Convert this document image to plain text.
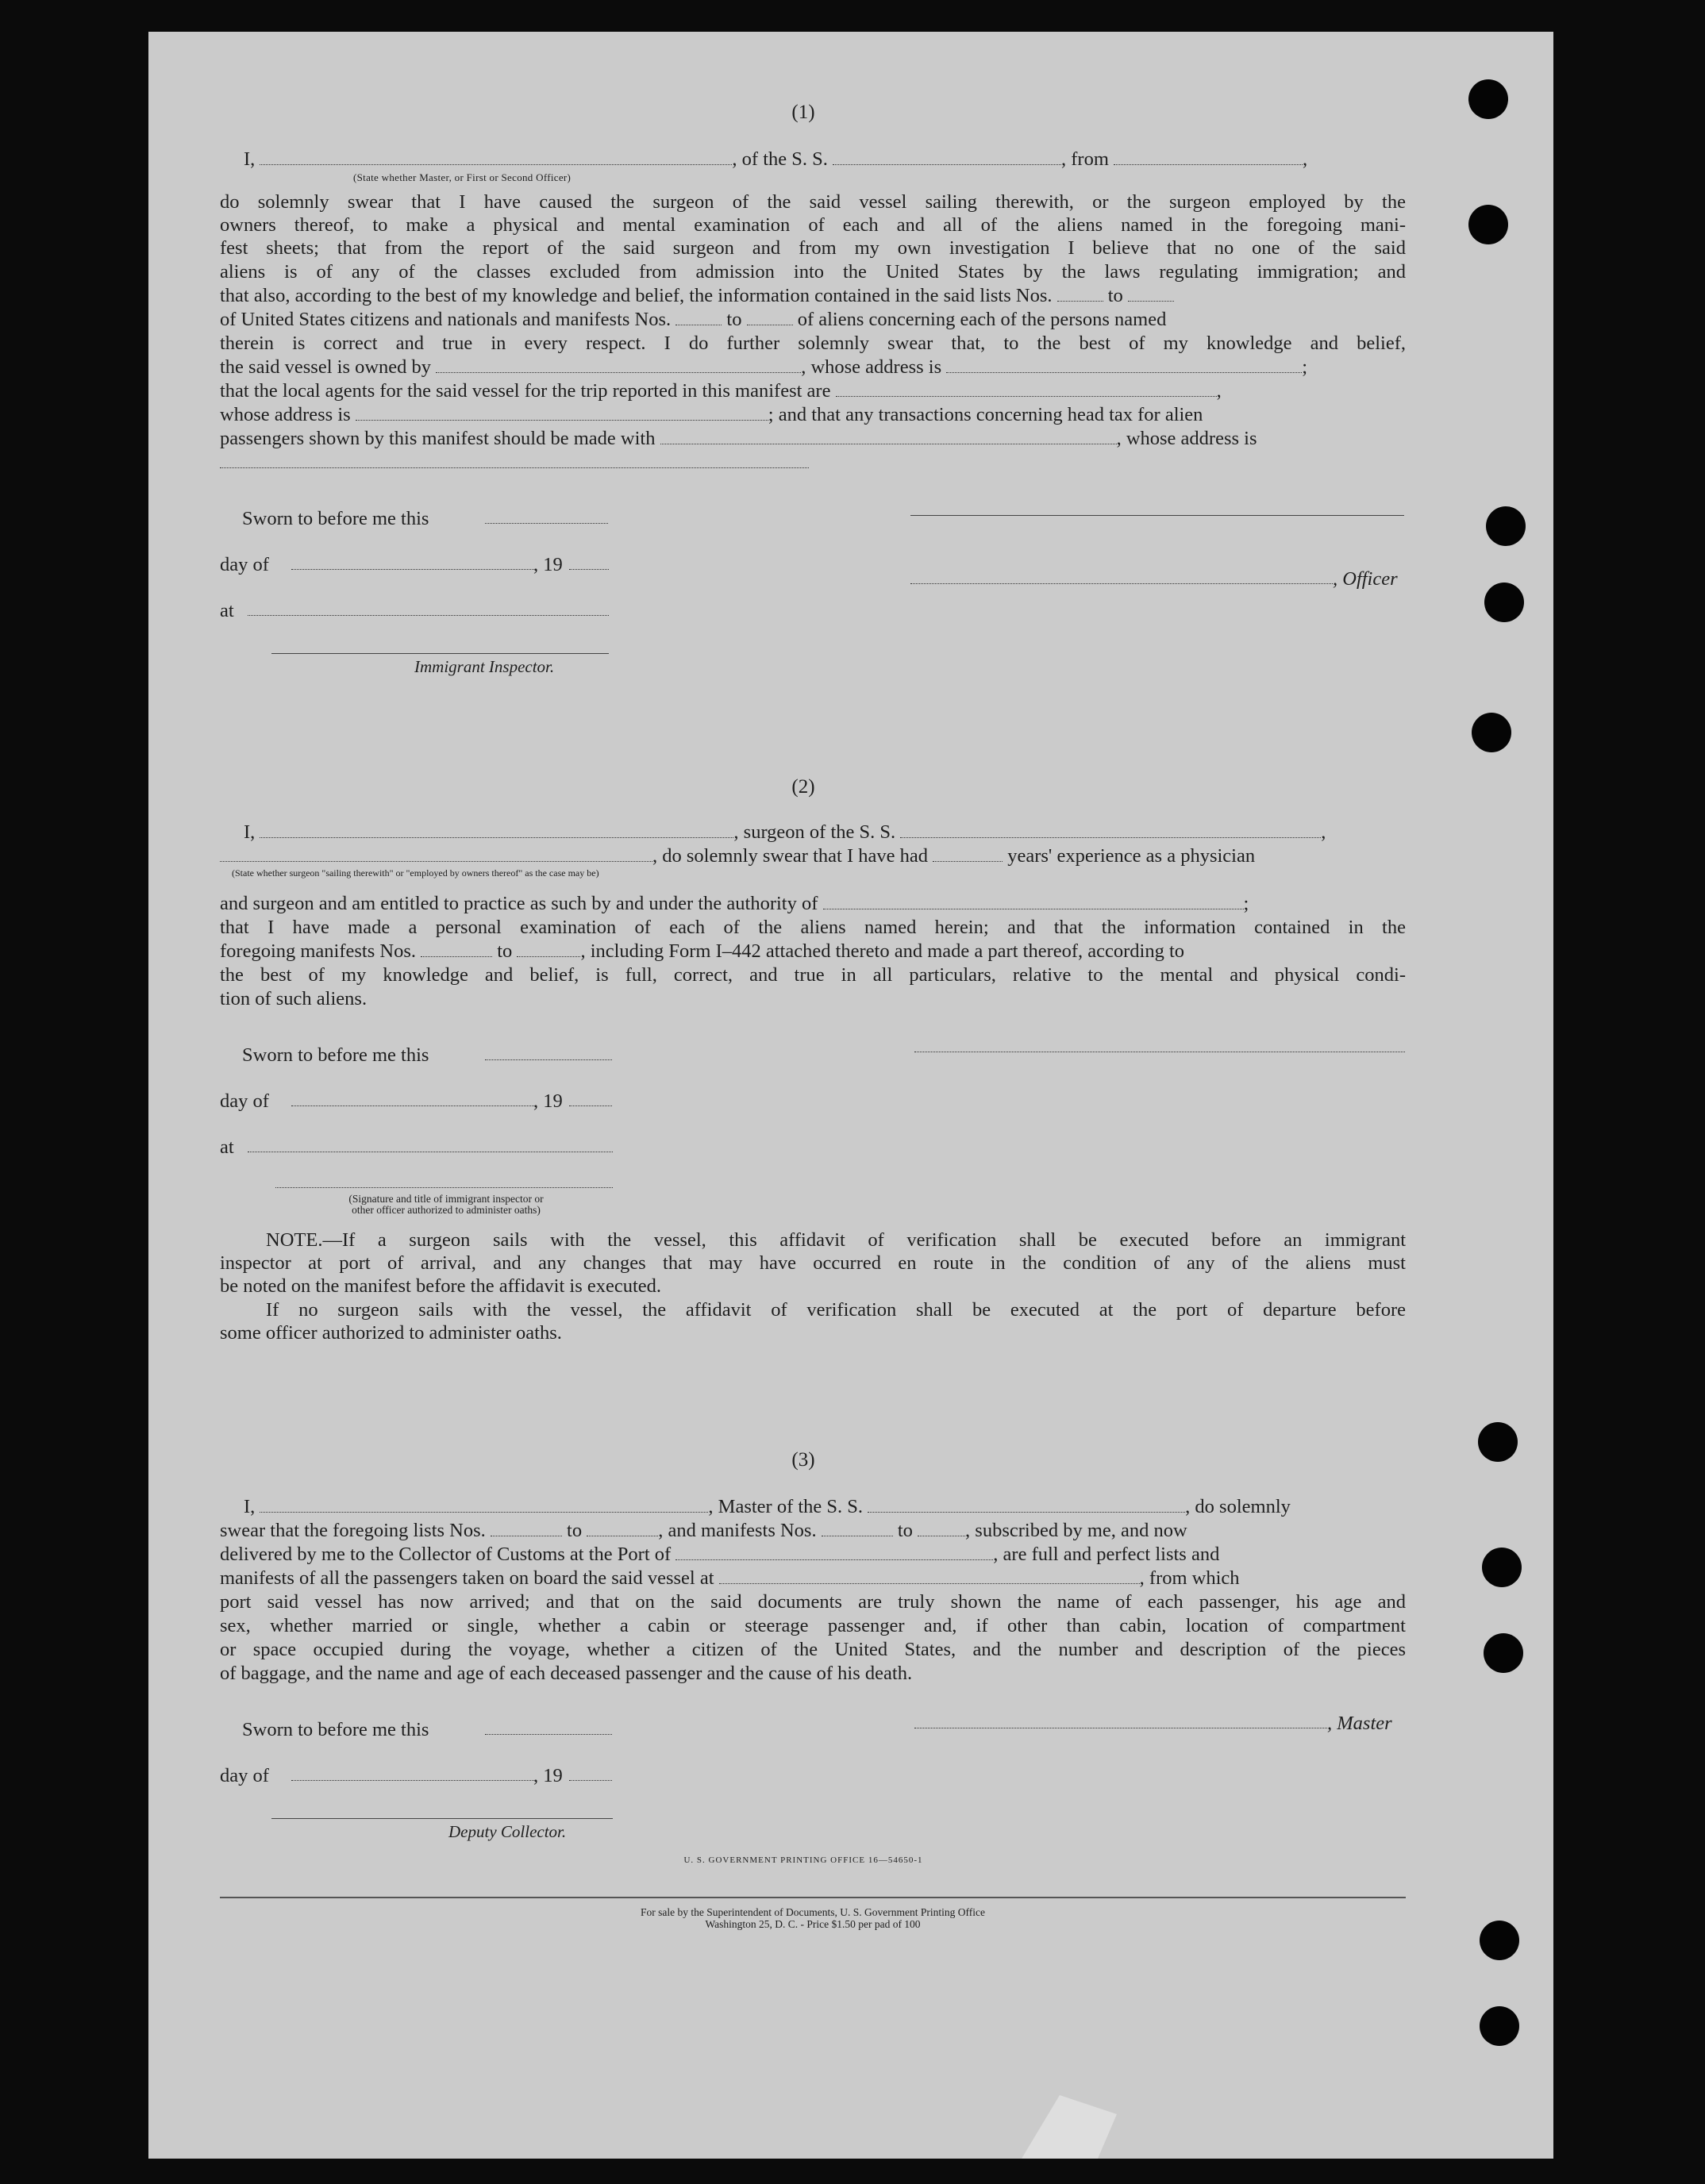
(1)
I,	, of the S. S.	, from	,
(State whether Master, or First or Second Officer)
do solemnly swear that I have caused the surgeon of the said vessel sailing therewith, or the surgeon employed by the
owners thereof, to make a physical and mental examination of each and all of the aliens named in the foregoing mani-
fest sheets; that from the report of the said surgeon and from my own investigation I believe that no one of the said
aliens is of any of the classes excluded from admission into the United States by the laws regulating immigration; and
that also, according to the best of my knowledge and belief, the information contained in the said lists Nos.	to
of United States citizens and nationals and manifests Nos.	to	of aliens concerning each of the persons named
therein is correct and true in every respect. I do further solemnly swear that, to the best of my knowledge and belief,
the said vessel is owned by	, whose address is	;
that the local agents for the said vessel for the trip reported in this manifest are	,
whose address is	; and that any transactions concerning head tax for alien
passengers shown by this manifest should be made with	, whose address is
Sworn to before me this
day of	, 19
at
Immigrant Inspector.
, Officer
(2)
I,	, surgeon of the S. S.	,
, do solemnly swear that I have had	years' experience as a physician
(State whether surgeon "sailing therewith" or "employed by owners thereof" as the case may be)
and surgeon and am entitled to practice as such by and under the authority of	;
that I have made a personal examination of each of the aliens named herein; and that the information contained in the
foregoing manifests Nos.	to	, including Form I–442 attached thereto and made a part thereof, according to
the best of my knowledge and belief, is full, correct, and true in all particulars, relative to the mental and physical condi-
tion of such aliens.
Sworn to before me this
day of	, 19
at
(Signature and title of immigrant inspector or
other officer authorized to administer oaths)
NOTE.—If a surgeon sails with the vessel, this affidavit of verification shall be executed before an immigrant
inspector at port of arrival, and any changes that may have occurred en route in the condition of any of the aliens must
be noted on the manifest before the affidavit is executed.
If no surgeon sails with the vessel, the affidavit of verification shall be executed at the port of departure before
some officer authorized to administer oaths.
(3)
I,	, Master of the S. S.	, do solemnly
swear that the foregoing lists Nos.	to	, and manifests Nos.	to	, subscribed by me, and now
delivered by me to the Collector of Customs at the Port of	, are full and perfect lists and
manifests of all the passengers taken on board the said vessel at	, from which
port said vessel has now arrived; and that on the said documents are truly shown the name of each passenger, his age and
sex, whether married or single, whether a cabin or steerage passenger and, if other than cabin, location of compartment
or space occupied during the voyage, whether a citizen of the United States, and the number and description of the pieces
of baggage, and the name and age of each deceased passenger and the cause of his death.
Sworn to before me this
day of	, 19
Deputy Collector.
, Master
U. S. GOVERNMENT PRINTING OFFICE 16—54650-1
For sale by the Superintendent of Documents, U. S. Government Printing Office
Washington 25, D. C. - Price $1.50 per pad of 100
